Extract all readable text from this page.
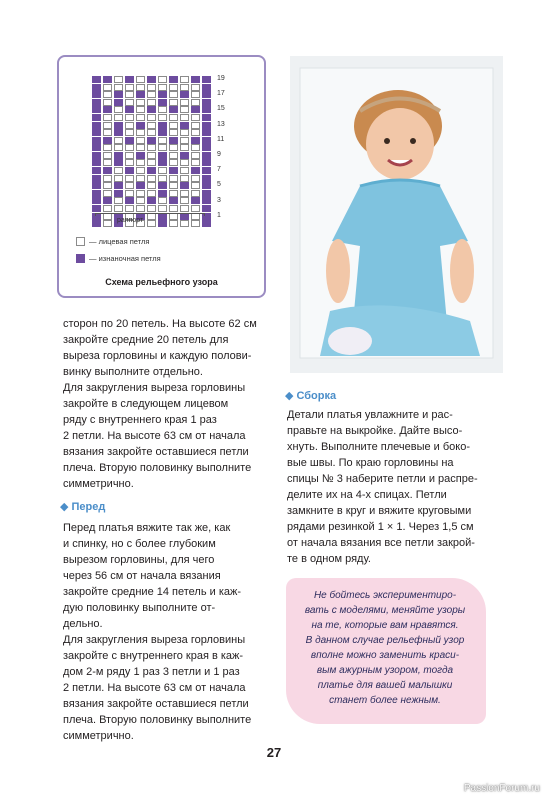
19
17
15
13
11
9
7
5
3
1
раппорт
— лицевая петля
— изнаночная петля
Схема рельефного узора
сторон по 20 петель. На высоте 62 см
закройте средние 20 петель для
выреза горловины и каждую полови-
винку выполните отдельно.
Для закругления выреза горловины
закройте в следующем лицевом
ряду с внутреннего края 1 раз
2 петли. На высоте 63 см от начала
вязания закройте оставшиеся петли
плеча. Вторую половинку выполните
симметрично.
◆ Перед
Перед платья вяжите так же, как
и спинку, но с более глубоким
вырезом горловины, для чего
через 56 см от начала вязания
закройте средние 14 петель и каж-
дую половинку выполните от-
дельно.
Для закругления выреза горловины
закройте с внутреннего края в каж-
дом 2-м ряду 1 раз 3 петли и 1 раз
2 петли. На высоте 63 см от начала
вязания закройте оставшиеся петли
плеча. Вторую половинку выполните
симметрично.
◆ Сборка
Детали платья увлажните и рас-
правьте на выкройке. Дайте высо-
хнуть. Выполните плечевые и боко-
вые швы. По краю горловины на
спицы № 3 наберите петли и распре-
делите их на 4-х спицах. Петли
замкните в круг и вяжите круговыми
рядами резинкой 1 × 1. Через 1,5 см
от начала вязания все петли закрой-
те в одном ряду.
Не бойтесь экспериментиро-
вать с моделями, меняйте узоры
на те, которые вам нравятся.
В данном случае рельефный узор
вполне можно заменить краси-
вым ажурным узором, тогда
платье для вашей малышки
станет более нежным.
27
PassionForum.ru
